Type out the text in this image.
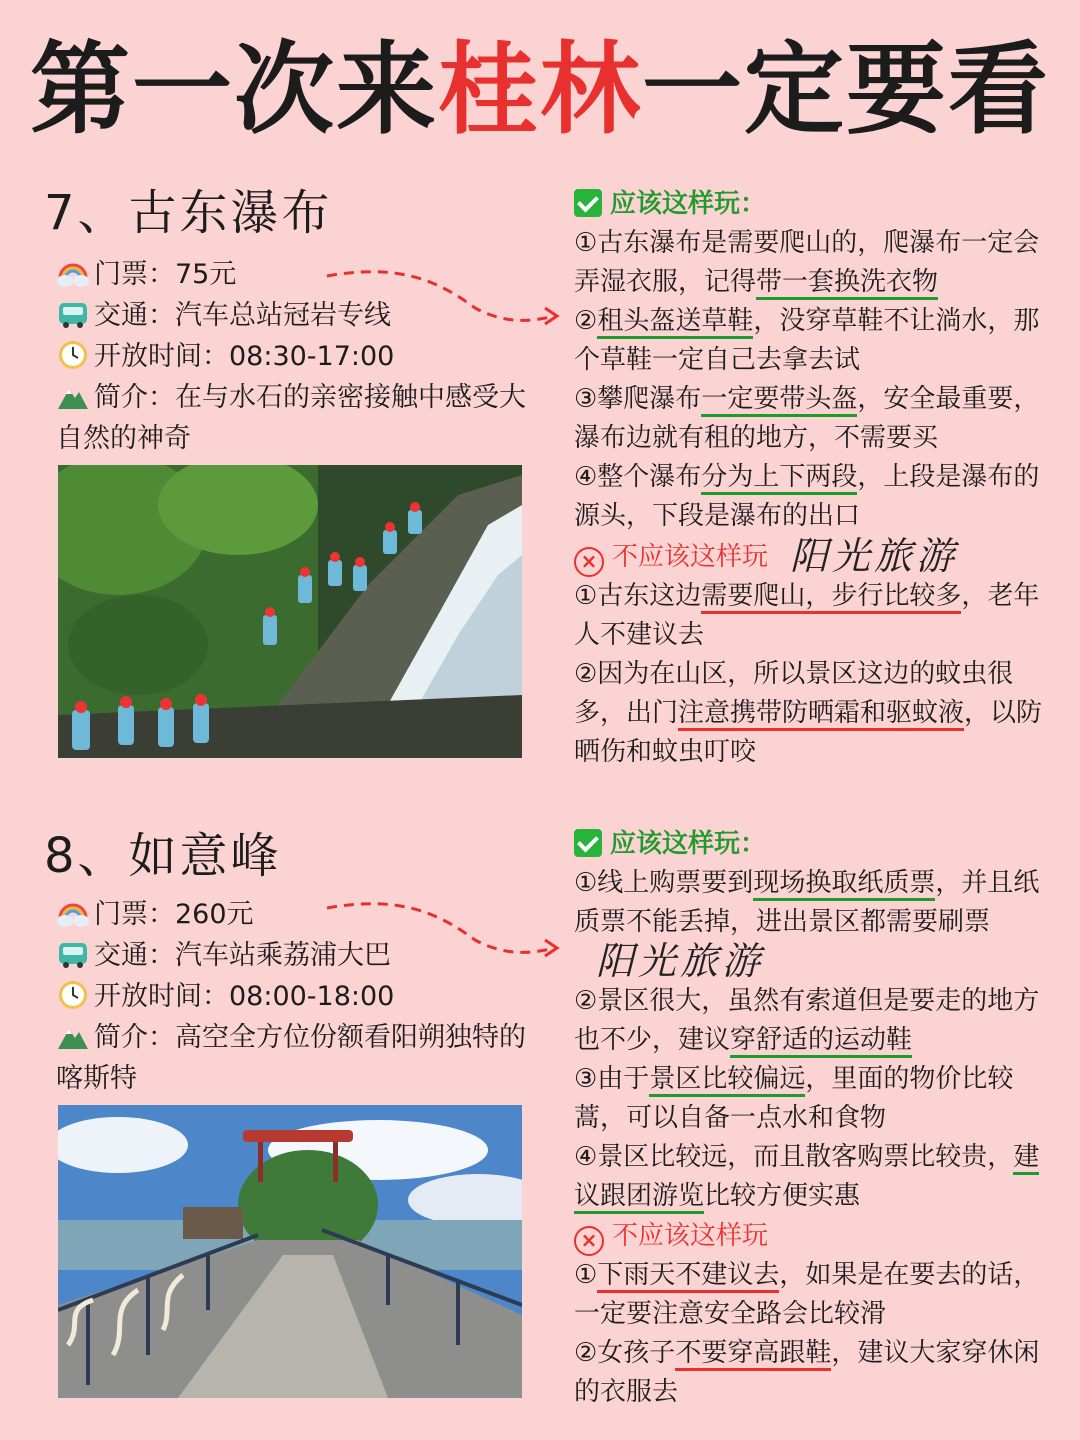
第一次来桂林一定要看
7、古东瀑布
门票：75元
交通：汽车总站冠岩专线
开放时间：08:30-17:00
简介：在与水石的亲密接触中感受大自然的神奇
应该这样玩：

①古东瀑布是需要爬山的，爬瀑布一定会弄湿衣服，记得带一套换洗衣物

②租头盔送草鞋，没穿草鞋不让淌水，那个草鞋一定自己去拿去试

③攀爬瀑布一定要带头盔，安全最重要，瀑布边就有租的地方，不需要买

④整个瀑布分为上下两段，上段是瀑布的源头，下段是瀑布的出口

× 不应该这样玩 阳光旅游

①古东这边需要爬山，步行比较多，老年人不建议去

②因为在山区，所以景区这边的蚊虫很多，出门注意携带防晒霜和驱蚊液，以防晒伤和蚊虫叮咬

8、如意峰
门票：260元
交通：汽车站乘荔浦大巴
开放时间：08:00-18:00
简介：高空全方位份额看阳朔独特的喀斯特
应该这样玩：

①线上购票要到现场换取纸质票，并且纸质票不能丢掉，进出景区都需要刷票阳光旅游

②景区很大，虽然有索道但是要走的地方也不少，建议穿舒适的运动鞋

③由于景区比较偏远，里面的物价比较蒿，可以自备一点水和食物

④景区比较远，而且散客购票比较贵，建议跟团游览比较方便实惠

× 不应该这样玩

①下雨天不建议去，如果是在要去的话，一定要注意安全路会比较滑

②女孩子不要穿高跟鞋，建议大家穿休闲的衣服去
